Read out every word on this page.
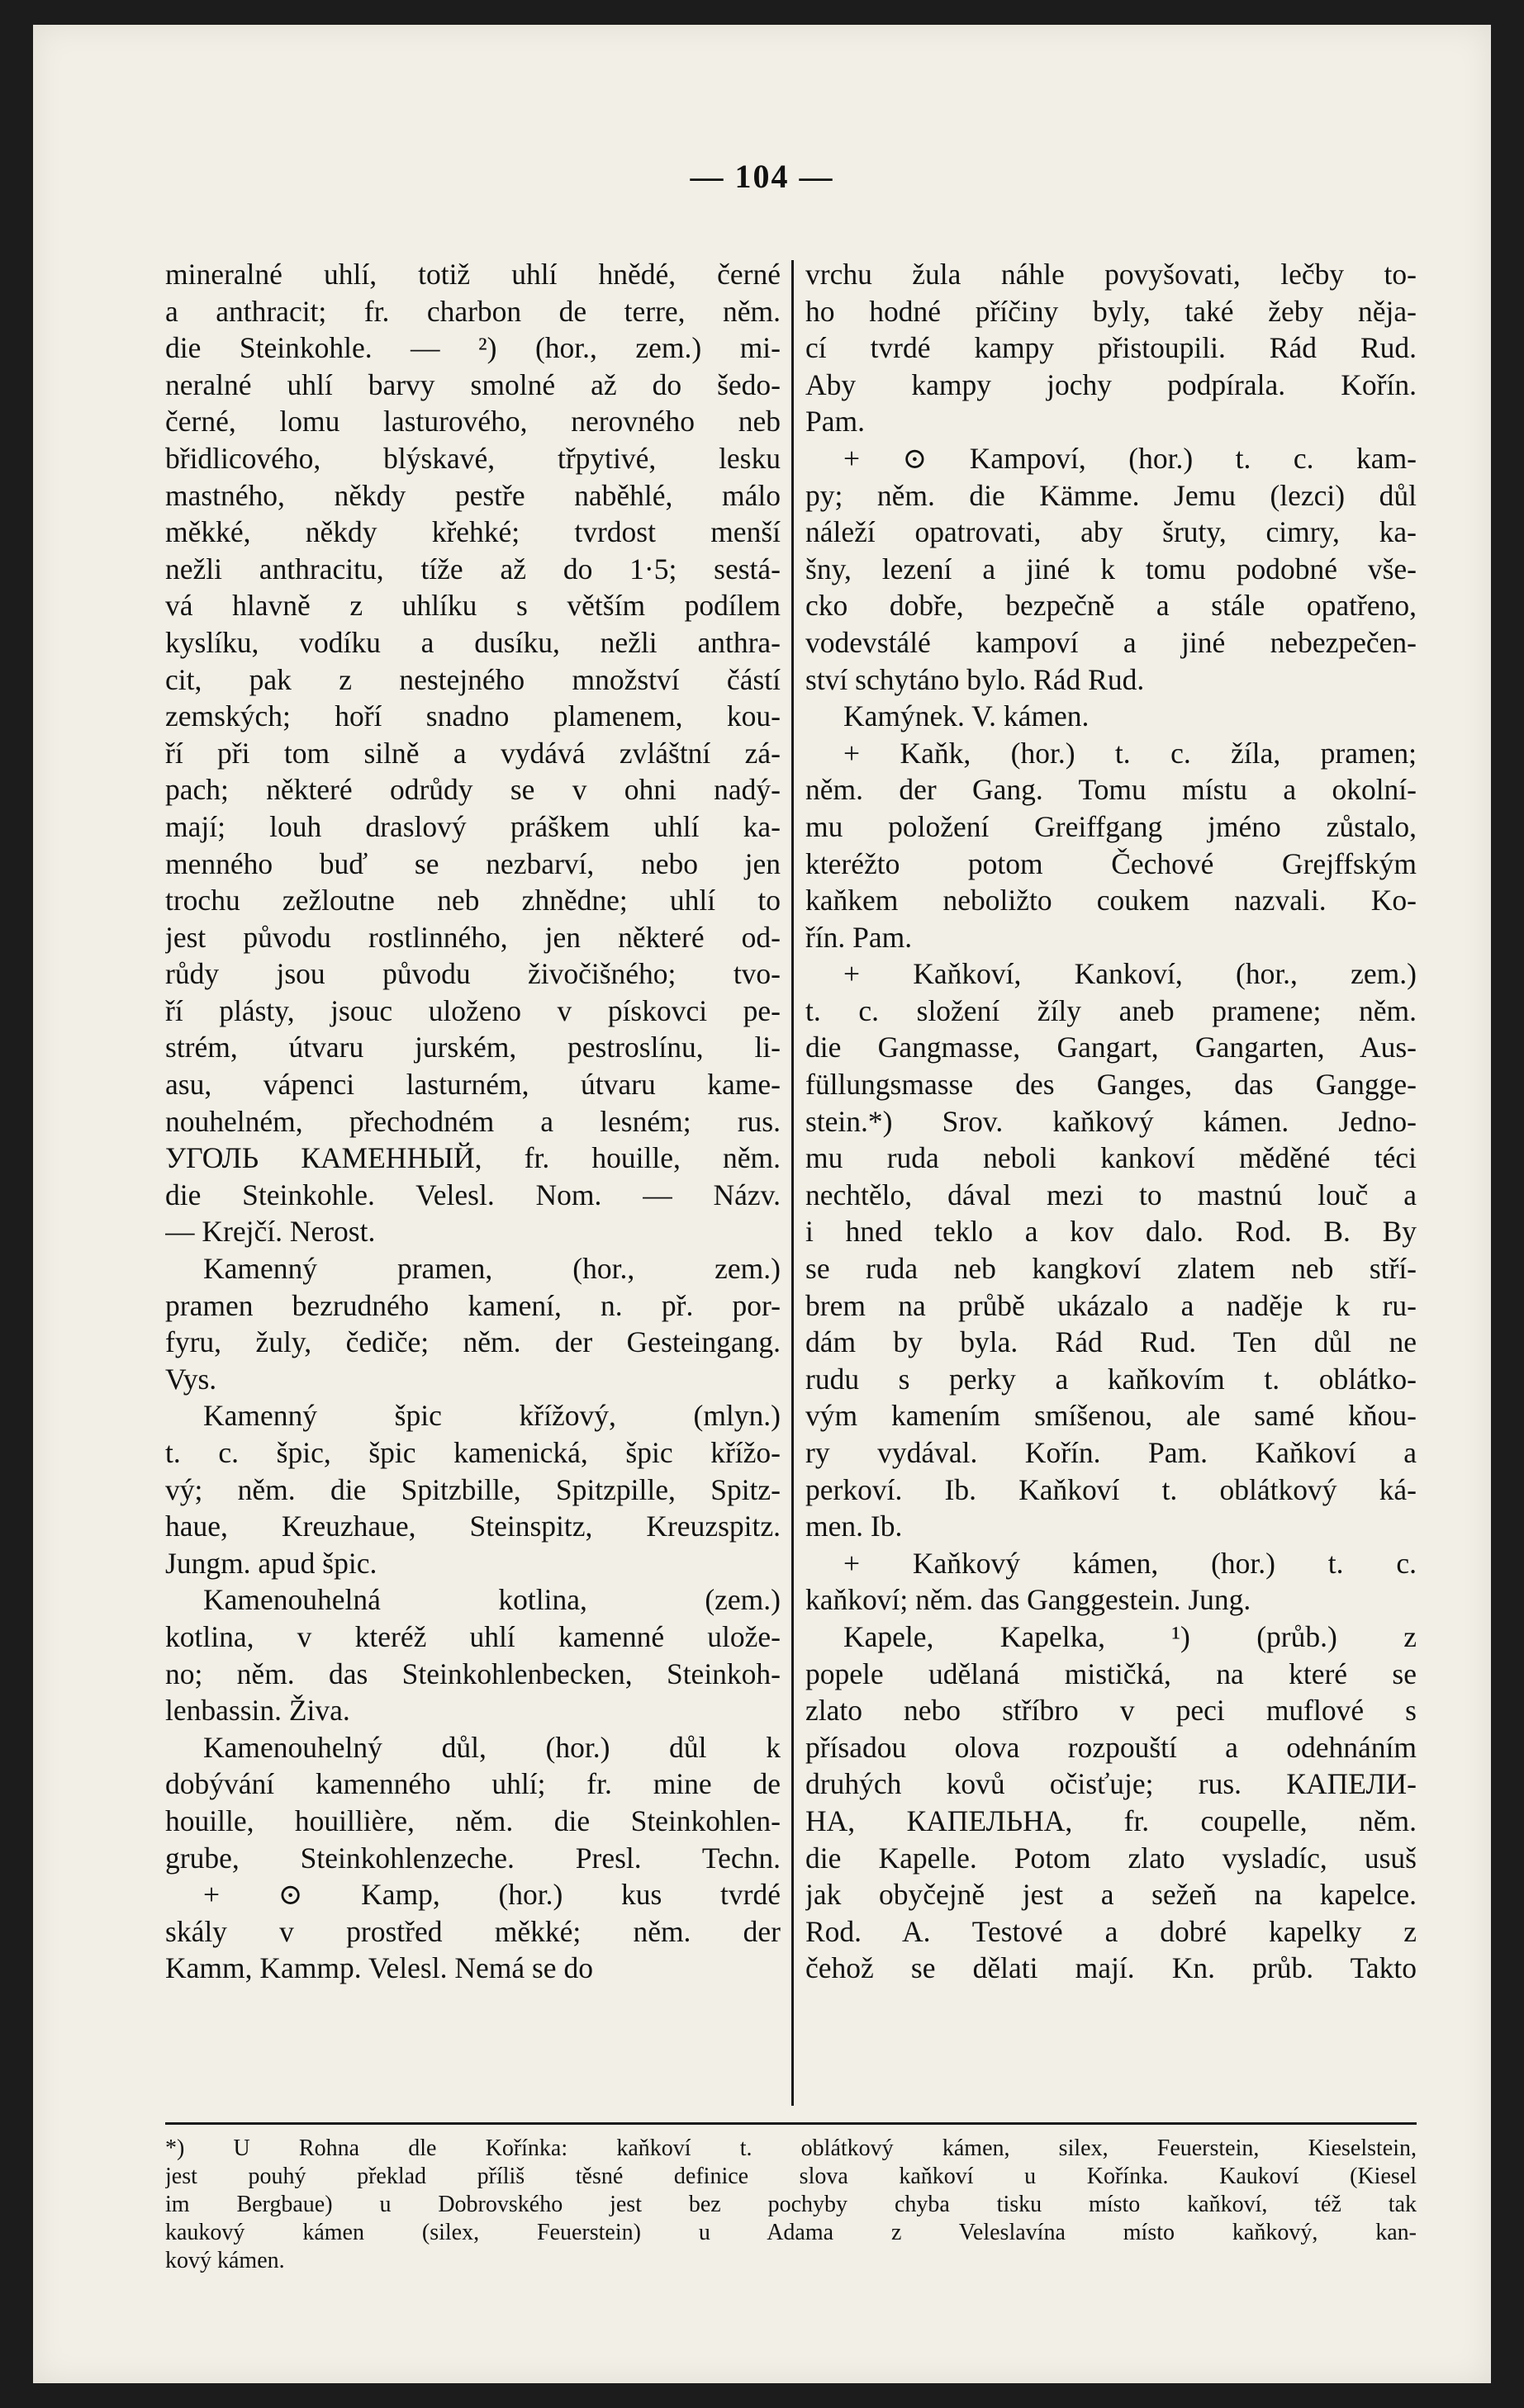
— 104 —
mineralné uhlí, totiž uhlí hnědé, černé
a anthracit; fr. charbon de terre, něm.
die Steinkohle. — ²) (hor., zem.) mi-
neralné uhlí barvy smolné až do šedo-
černé, lomu lasturového, nerovného neb
břidlicového, blýskavé, třpytivé, lesku
mastného, někdy pestře naběhlé, málo
měkké, někdy křehké; tvrdost menší
nežli anthracitu, tíže až do 1·5; sestá-
vá hlavně z uhlíku s větším podílem
kyslíku, vodíku a dusíku, nežli anthra-
cit, pak z nestejného množství částí
zemských; hoří snadno plamenem, kou-
ří při tom silně a vydává zvláštní zá-
pach; některé odrůdy se v ohni nadý-
mají; louh draslový práškem uhlí ka-
menného buď se nezbarví, nebo jen
trochu zežloutne neb zhnědne; uhlí to
jest původu rostlinného, jen některé od-
růdy jsou původu živočišného; tvo-
ří plásty, jsouc uloženo v pískovci pe-
strém, útvaru jurském, pestroslínu, li-
asu, vápenci lasturném, útvaru kame-
nouhelném, přechodném a lesném; rus.
УГОЛЬ КАМЕННЫЙ, fr. houille, něm.
die Steinkohle. Velesl. Nom. — Názv.
— Krejčí. Nerost.
Kamenný pramen, (hor., zem.)
pramen bezrudného kamení, n. př. por-
fyru, žuly, čediče; něm. der Gesteingang.
Vys.
Kamenný špic křížový, (mlyn.)
t. c. špic, špic kamenická, špic křížo-
vý; něm. die Spitzbille, Spitzpille, Spitz-
haue, Kreuzhaue, Steinspitz, Kreuzspitz.
Jungm. apud špic.
Kamenouhelná kotlina, (zem.)
kotlina, v kteréž uhlí kamenné ulože-
no; něm. das Steinkohlenbecken, Steinkoh-
lenbassin. Živa.
Kamenouhelný důl, (hor.) důl k
dobývání kamenného uhlí; fr. mine de
houille, houillière, něm. die Steinkohlen-
grube, Steinkohlenzeche. Presl. Techn.
+ ⊙ Kamp, (hor.) kus tvrdé
skály v prostřed měkké; něm. der
Kamm, Kammp. Velesl. Nemá se do
vrchu žula náhle povyšovati, lečby to-
ho hodné příčiny byly, také žeby něja-
cí tvrdé kampy přistoupili. Rád Rud.
Aby kampy jochy podpírala. Kořín.
Pam.
+ ⊙ Kampoví, (hor.) t. c. kam-
py; něm. die Kämme. Jemu (lezci) důl
náleží opatrovati, aby šruty, cimry, ka-
šny, lezení a jiné k tomu podobné vše-
cko dobře, bezpečně a stále opatřeno,
vodevstálé kampoví a jiné nebezpečen-
ství schytáno bylo. Rád Rud.
Kamýnek. V. kámen.
+ Kaňk, (hor.) t. c. žíla, pramen;
něm. der Gang. Tomu místu a okolní-
mu položení Greiffgang jméno zůstalo,
kteréžto potom Čechové Grejffským
kaňkem neboližto coukem nazvali. Ko-
řín. Pam.
+ Kaňkoví, Kankoví, (hor., zem.)
t. c. složení žíly aneb pramene; něm.
die Gangmasse, Gangart, Gangarten, Aus-
füllungsmasse des Ganges, das Gangge-
stein.*) Srov. kaňkový kámen. Jedno-
mu ruda neboli kankoví měděné téci
nechtělo, dával mezi to mastnú louč a
i hned teklo a kov dalo. Rod. B. By
se ruda neb kangkoví zlatem neb stří-
brem na průbě ukázalo a naděje k ru-
dám by byla. Rád Rud. Ten důl ne
rudu s perky a kaňkovím t. oblátko-
vým kamením smíšenou, ale samé kňou-
ry vydával. Kořín. Pam. Kaňkoví a
perkoví. Ib. Kaňkoví t. oblátkový ká-
men. Ib.
+ Kaňkový kámen, (hor.) t. c.
kaňkoví; něm. das Ganggestein. Jung.
Kapele, Kapelka, ¹) (průb.) z
popele udělaná mističká, na které se
zlato nebo stříbro v peci muflové s
přísadou olova rozpouští a odehnáním
druhých kovů očisťuje; rus. КАПЕЛИ-
НА, КАПЕЛЬНА, fr. coupelle, něm.
die Kapelle. Potom zlato vysladíc, usuš
jak obyčejně jest a sežeň na kapelce.
Rod. A. Testové a dobré kapelky z
čehož se dělati mají. Kn. průb. Takto
*) U Rohna dle Kořínka: kaňkoví t. oblátkový kámen, silex, Feuerstein, Kieselstein,
jest pouhý překlad příliš těsné definice slova kaňkoví u Kořínka. Kaukoví (Kiesel
im Bergbaue) u Dobrovského jest bez pochyby chyba tisku místo kaňkoví, též tak
kaukový kámen (silex, Feuerstein) u Adama z Veleslavína místo kaňkový, kan-
kový kámen.
